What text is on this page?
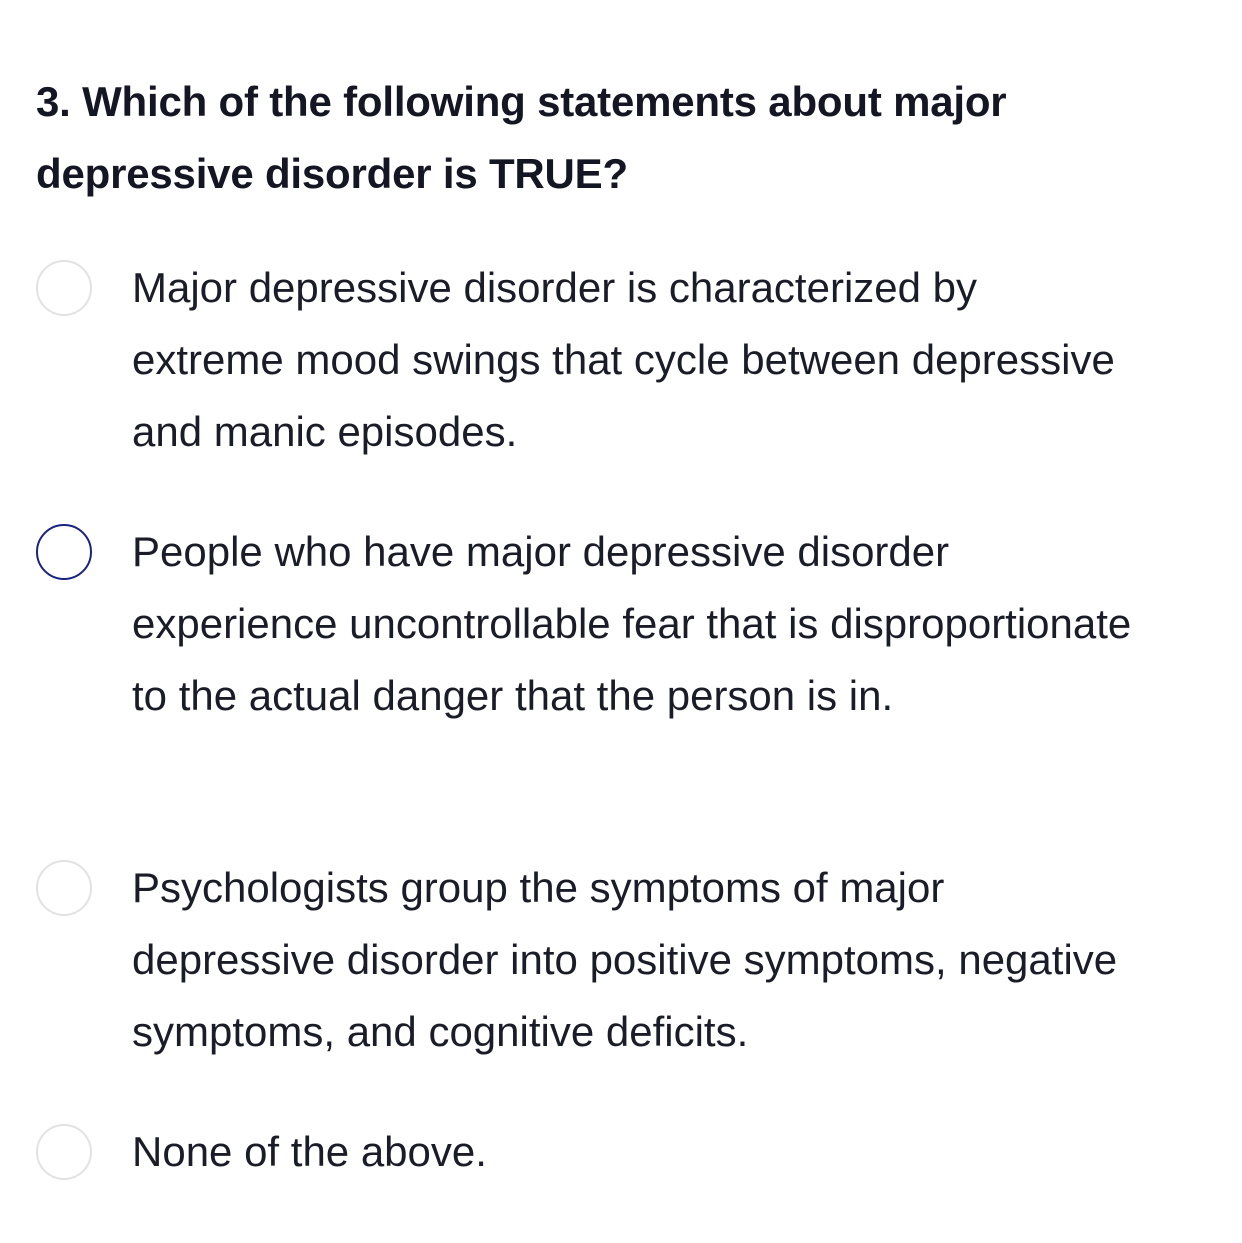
3. Which of the following statements about major depressive disorder is TRUE?
Major depressive disorder is characterized by extreme mood swings that cycle between depressive and manic episodes.
People who have major depressive disorder experience uncontrollable fear that is disproportionate to the actual danger that the person is in.
Psychologists group the symptoms of major depressive disorder into positive symptoms, negative symptoms, and cognitive deficits.
None of the above.
